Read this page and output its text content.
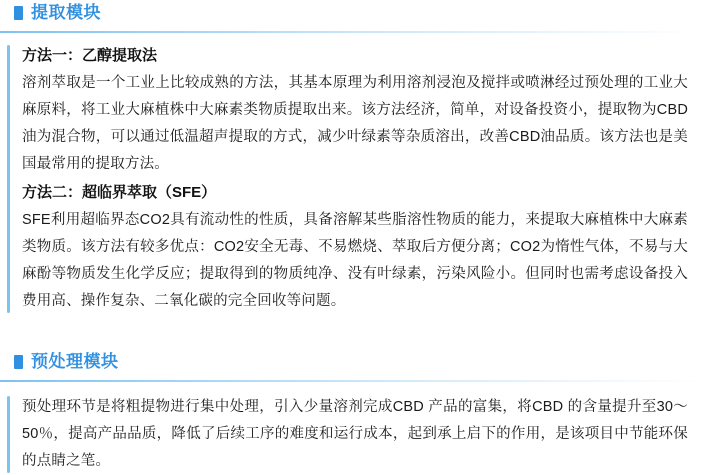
提取模块
方法一：乙醇提取法

溶剂萃取是一个工业上比较成熟的方法，其基本原理为利用溶剂浸泡及搅拌或喷淋经过预处理的工业大麻原料，将工业大麻植株中大麻素类物质提取出来。该方法经济，简单，对设备投资小，提取物为CBD油为混合物，可以通过低温超声提取的方式，减少叶绿素等杂质溶出，改善CBD油品质。该方法也是美国最常用的提取方法。

方法二：超临界萃取（SFE）

SFE利用超临界态CO2具有流动性的性质，具备溶解某些脂溶性物质的能力，来提取大麻植株中大麻素类物质。该方法有较多优点：CO2安全无毒、不易燃烧、萃取后方便分离；CO2为惰性气体，不易与大麻酚等物质发生化学反应；提取得到的物质纯净、没有叶绿素，污染风险小。但同时也需考虑设备投入费用高、操作复杂、二氧化碳的完全回收等问题。

预处理模块

预处理环节是将粗提物进行集中处理，引入少量溶剂完成CBD 产品的富集，将CBD 的含量提升至30～50％，提高产品品质，降低了后续工序的难度和运行成本，起到承上启下的作用，是该项目中节能环保的点睛之笔。
